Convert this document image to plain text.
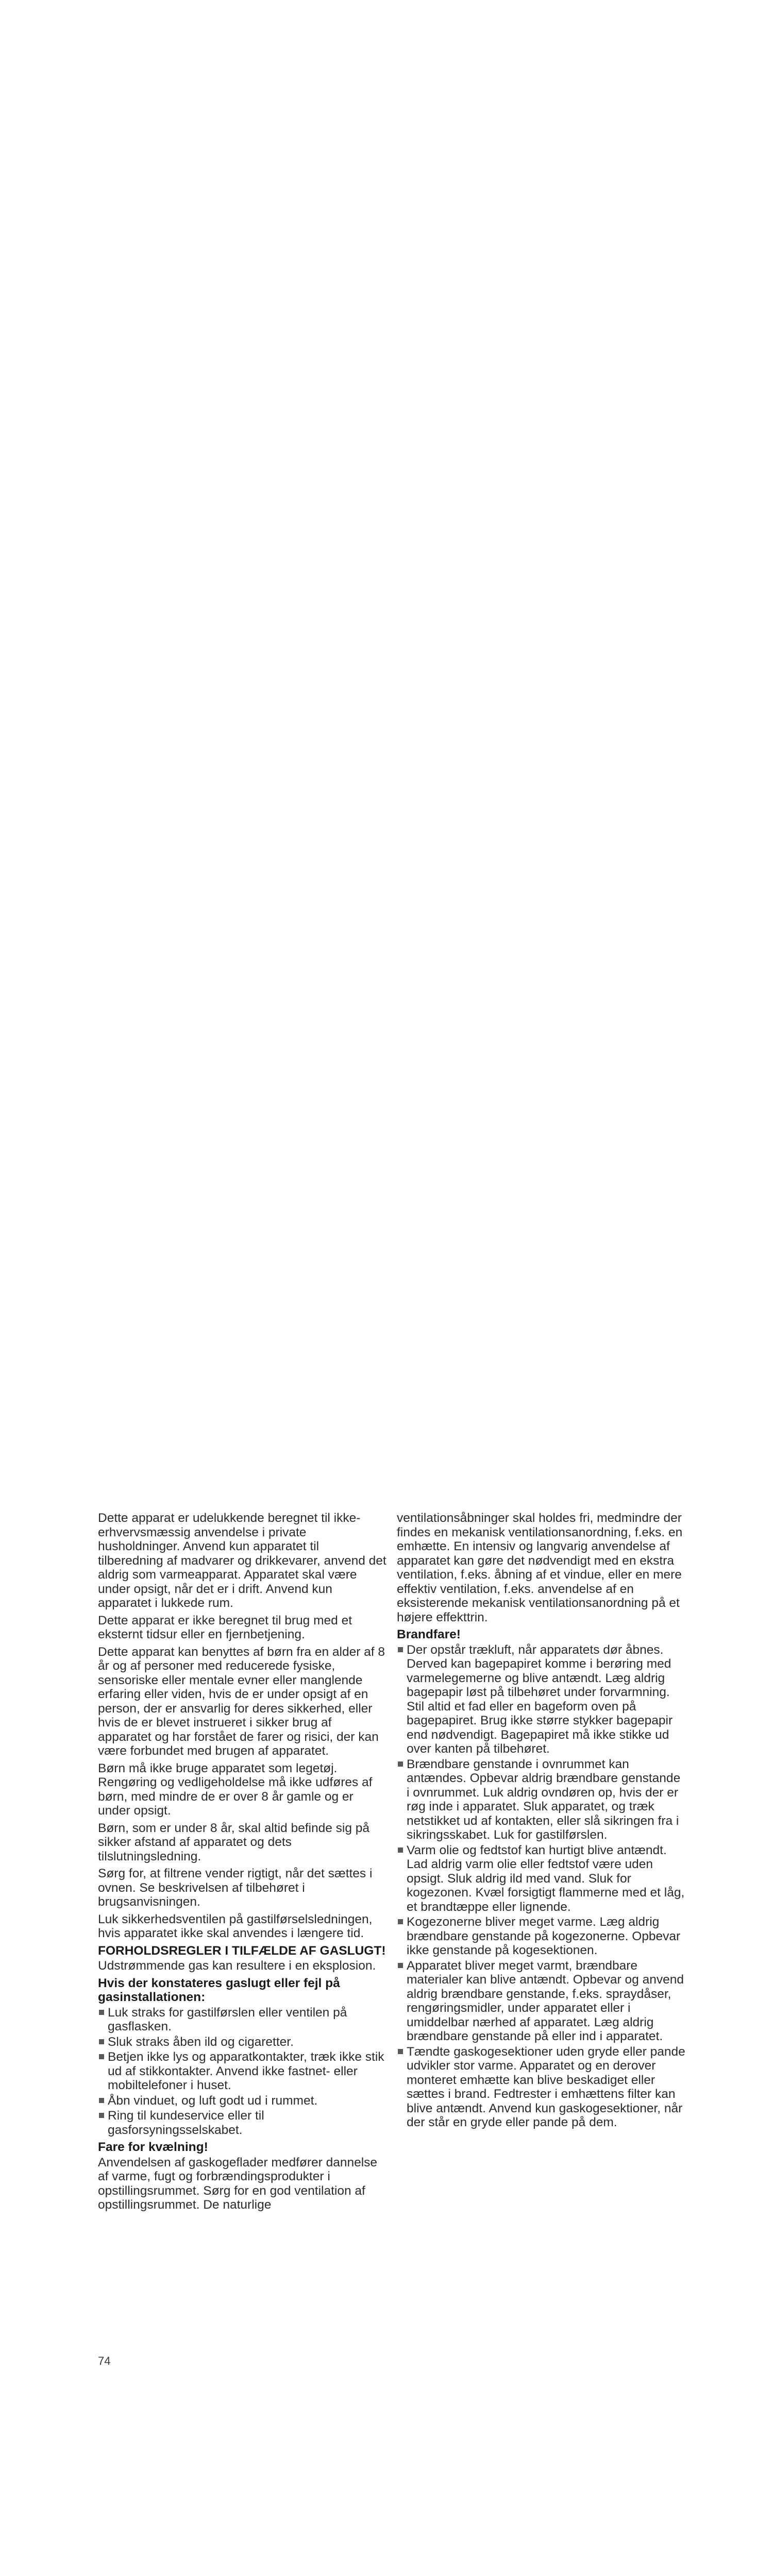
Dette apparat er udelukkende beregnet til ikke-erhvervsmæssig anvendelse i private husholdninger. Anvend kun apparatet til tilberedning af madvarer og drikkevarer, anvend det aldrig som varmeapparat. Apparatet skal være under opsigt, når det er i drift. Anvend kun apparatet i lukkede rum.

Dette apparat er ikke beregnet til brug med et eksternt tidsur eller en fjernbetjening.

Dette apparat kan benyttes af børn fra en alder af 8 år og af personer med reducerede fysiske, sensoriske eller mentale evner eller manglende erfaring eller viden, hvis de er under opsigt af en person, der er ansvarlig for deres sikkerhed, eller hvis de er blevet instrueret i sikker brug af apparatet og har forstået de farer og risici, der kan være forbundet med brugen af apparatet.

Børn må ikke bruge apparatet som legetøj. Rengøring og vedligeholdelse må ikke udføres af børn, med mindre de er over 8 år gamle og er under opsigt.

Børn, som er under 8 år, skal altid befinde sig på sikker afstand af apparatet og dets tilslutningsledning.

Sørg for, at filtrene vender rigtigt, når det sættes i ovnen. Se beskrivelsen af tilbehøret i brugsanvisningen.

Luk sikkerhedsventilen på gastilførselsledningen, hvis apparatet ikke skal anvendes i længere tid.

FORHOLDSREGLER I TILFÆLDE AF GASLUGT!

Udstrømmende gas kan resultere i en eksplosion.

Hvis der konstateres gaslugt eller fejl på gasinstallationen:
Luk straks for gastilførslen eller ventilen på gasflasken.
Sluk straks åben ild og cigaretter.
Betjen ikke lys og apparatkontakter, træk ikke stik ud af stikkontakter. Anvend ikke fastnet- eller mobiltelefoner i huset.
Åbn vinduet, og luft godt ud i rummet.
Ring til kundeservice eller til gasforsyningsselskabet.
Fare for kvælning!

Anvendelsen af gaskogeflader medfører dannelse af varme, fugt og forbrændingsprodukter i opstillingsrummet. Sørg for en god ventilation af opstillingsrummet. De naturlige

ventilationsåbninger skal holdes fri, medmindre der findes en mekanisk ventilationsanordning, f.eks. en emhætte. En intensiv og langvarig anvendelse af apparatet kan gøre det nødvendigt med en ekstra ventilation, f.eks. åbning af et vindue, eller en mere effektiv ventilation, f.eks. anvendelse af en eksisterende mekanisk ventilationsanordning på et højere effekttrin.

Brandfare!
Der opstår trækluft, når apparatets dør åbnes. Derved kan bagepapiret komme i berøring med varmelegemerne og blive antændt. Læg aldrig bagepapir løst på tilbehøret under forvarmning. Stil altid et fad eller en bageform oven på bagepapiret. Brug ikke større stykker bagepapir end nødvendigt. Bagepapiret må ikke stikke ud over kanten på tilbehøret.
Brændbare genstande i ovnrummet kan antændes. Opbevar aldrig brændbare genstande i ovnrummet. Luk aldrig ovndøren op, hvis der er røg inde i apparatet. Sluk apparatet, og træk netstikket ud af kontakten, eller slå sikringen fra i sikringsskabet. Luk for gastilførslen.
Varm olie og fedtstof kan hurtigt blive antændt. Lad aldrig varm olie eller fedtstof være uden opsigt. Sluk aldrig ild med vand. Sluk for kogezonen. Kvæl forsigtigt flammerne med et låg, et brandtæppe eller lignende.
Kogezonerne bliver meget varme. Læg aldrig brændbare genstande på kogezonerne. Opbevar ikke genstande på kogesektionen.
Apparatet bliver meget varmt, brændbare materialer kan blive antændt. Opbevar og anvend aldrig brændbare genstande, f.eks. spraydåser, rengøringsmidler, under apparatet eller i umiddelbar nærhed af apparatet. Læg aldrig brændbare genstande på eller ind i apparatet.
Tændte gaskogesektioner uden gryde eller pande udvikler stor varme. Apparatet og en derover monteret emhætte kan blive beskadiget eller sættes i brand. Fedtrester i emhættens filter kan blive antændt. Anvend kun gaskogesektioner, når der står en gryde eller pande på dem.
74
